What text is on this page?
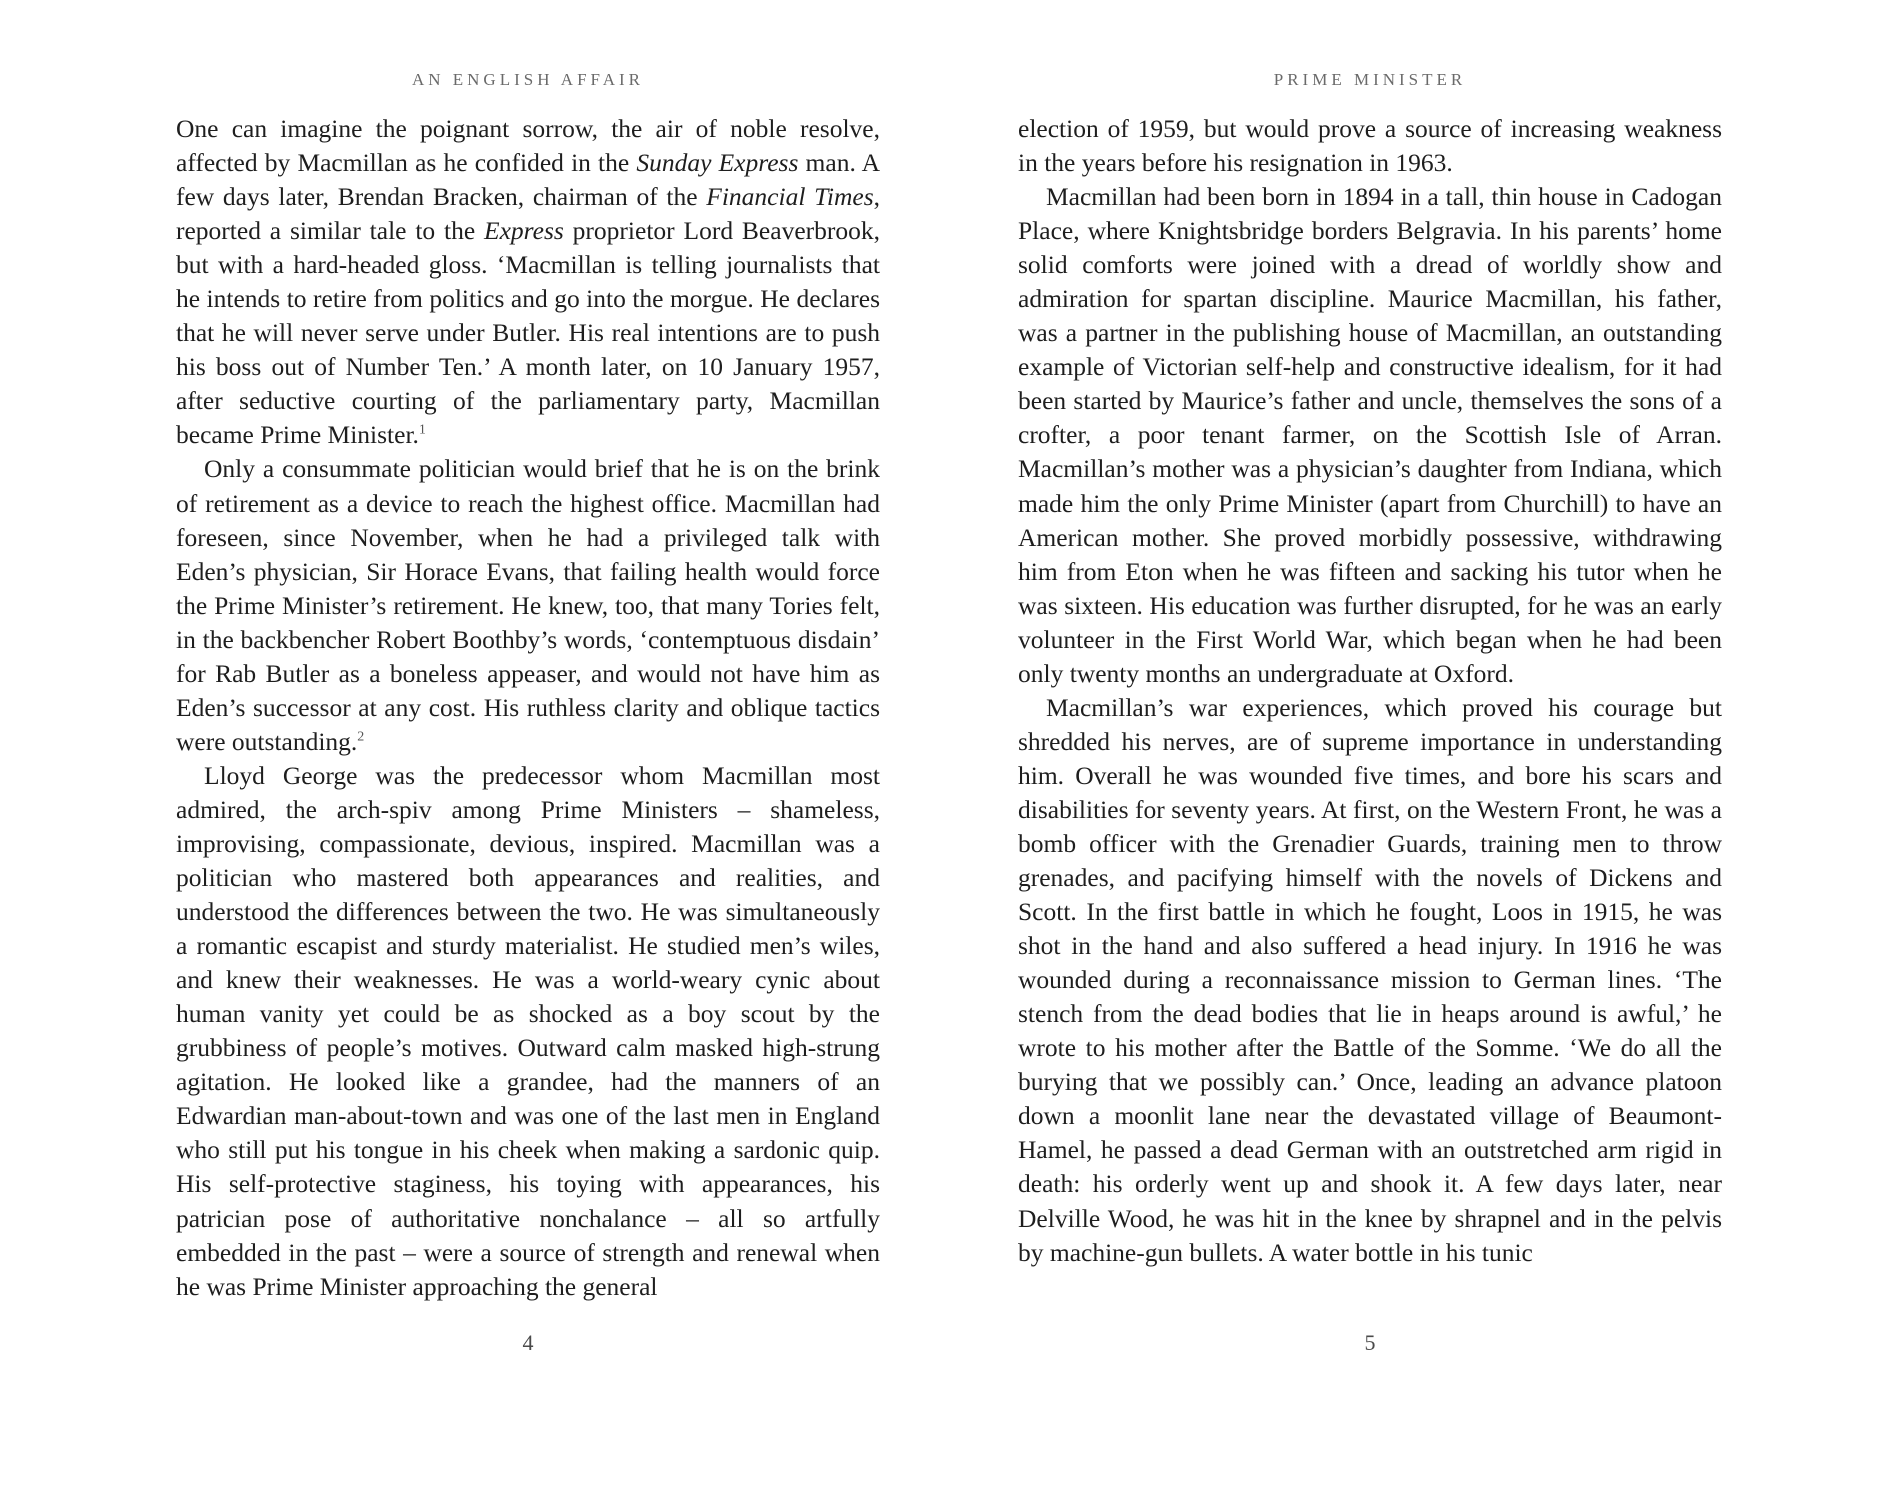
AN ENGLISH AFFAIR

One can imagine the poignant sorrow, the air of noble resolve, affected by Macmillan as he confided in the Sunday Express man. A few days later, Brendan Bracken, chairman of the Financial Times, reported a similar tale to the Express proprietor Lord Beaverbrook, but with a hard-headed gloss. ‘Macmillan is telling journalists that he intends to retire from politics and go into the morgue. He declares that he will never serve under Butler. His real intentions are to push his boss out of Number Ten.’ A month later, on 10 January 1957, after seductive courting of the parliamentary party, Macmillan became Prime Minister.$^1$

Only a consummate politician would brief that he is on the brink of retirement as a device to reach the highest office. Macmillan had foreseen, since November, when he had a privileged talk with Eden’s physician, Sir Horace Evans, that failing health would force the Prime Minister’s retirement. He knew, too, that many Tories felt, in the backbencher Robert Boothby’s words, ‘contemptuous disdain’ for Rab Butler as a boneless appeaser, and would not have him as Eden’s successor at any cost. His ruthless clarity and oblique tactics were outstanding.$^2$

Lloyd George was the predecessor whom Macmillan most admired, the arch-spiv among Prime Ministers – shameless, improvising, compassionate, devious, inspired. Macmillan was a politician who mastered both appearances and realities, and understood the differences between the two. He was simultaneously a romantic escapist and sturdy materialist. He studied men’s wiles, and knew their weaknesses. He was a world-weary cynic about human vanity yet could be as shocked as a boy scout by the grubbiness of people’s motives. Outward calm masked high-strung agitation. He looked like a grandee, had the manners of an Edwardian man-about-town and was one of the last men in England who still put his tongue in his cheek when making a sardonic quip. His self-protective staginess, his toying with appearances, his patrician pose of authoritative nonchalance – all so artfully embedded in the past – were a source of strength and renewal when he was Prime Minister approaching the general

4
PRIME MINISTER

election of 1959, but would prove a source of increasing weakness in the years before his resignation in 1963.

Macmillan had been born in 1894 in a tall, thin house in Cadogan Place, where Knightsbridge borders Belgravia. In his parents’ home solid comforts were joined with a dread of worldly show and admiration for spartan discipline. Maurice Macmillan, his father, was a partner in the publishing house of Macmillan, an outstanding example of Victorian self-help and constructive idealism, for it had been started by Maurice’s father and uncle, themselves the sons of a crofter, a poor tenant farmer, on the Scottish Isle of Arran. Macmillan’s mother was a physician’s daughter from Indiana, which made him the only Prime Minister (apart from Churchill) to have an American mother. She proved morbidly possessive, withdrawing him from Eton when he was fifteen and sacking his tutor when he was sixteen. His education was further disrupted, for he was an early volunteer in the First World War, which began when he had been only twenty months an undergraduate at Oxford.

Macmillan’s war experiences, which proved his courage but shredded his nerves, are of supreme importance in understanding him. Overall he was wounded five times, and bore his scars and disabilities for seventy years. At first, on the Western Front, he was a bomb officer with the Grenadier Guards, training men to throw grenades, and pacifying himself with the novels of Dickens and Scott. In the first battle in which he fought, Loos in 1915, he was shot in the hand and also suffered a head injury. In 1916 he was wounded during a reconnaissance mission to German lines. ‘The stench from the dead bodies that lie in heaps around is awful,’ he wrote to his mother after the Battle of the Somme. ‘We do all the burying that we possibly can.’ Once, leading an advance platoon down a moonlit lane near the devastated village of Beaumont-Hamel, he passed a dead German with an outstretched arm rigid in death: his orderly went up and shook it. A few days later, near Delville Wood, he was hit in the knee by shrapnel and in the pelvis by machine-gun bullets. A water bottle in his tunic

5
